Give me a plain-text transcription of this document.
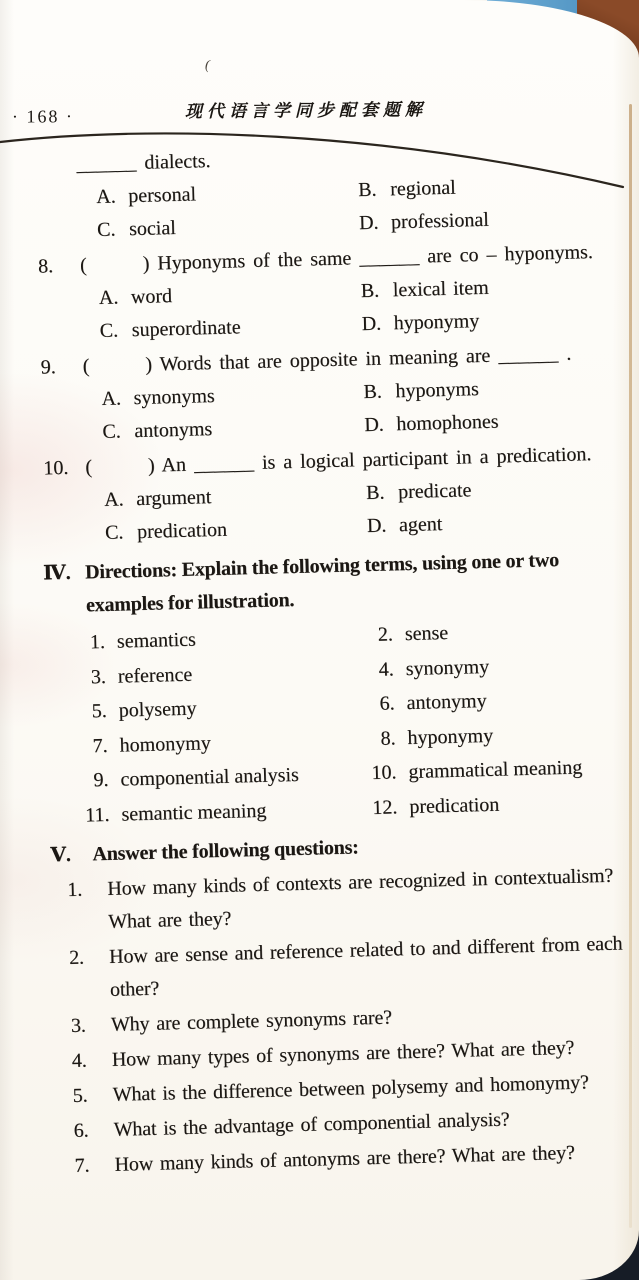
· 168 ·	现代语言学同步配套题解
(
______ dialects.
A. personal	B. regional
C. social	D. professional
8.	(       ) Hyponyms of the same ______ are co – hyponyms.
A. word	B. lexical item
C. superordinate	D. hyponymy
9.	(       ) Words that are opposite in meaning are ______ .
A. synonyms	B. hyponyms
C. antonyms	D. homophones
10. (       ) An ______ is a logical participant in a predication.
A. argument	B. predicate
C. predication	D. agent
Ⅳ. Directions: Explain the following terms, using one or two
examples for illustration.
1. semantics	2. sense
3. reference	4. synonymy
5. polysemy	6. antonymy
7. homonymy	8. hyponymy
9. componential analysis	10. grammatical meaning
11. semantic meaning	12. predication
Ⅴ.	Answer the following questions:
1.	How many kinds of contexts are recognized in contextualism?
What are they?
2.	How are sense and reference related to and different from each
other?
3.	Why are complete synonyms rare?
4.	How many types of synonyms are there? What are they?
5.	What is the difference between polysemy and homonymy?
6.	What is the advantage of componential analysis?
7.	How many kinds of antonyms are there? What are they?
